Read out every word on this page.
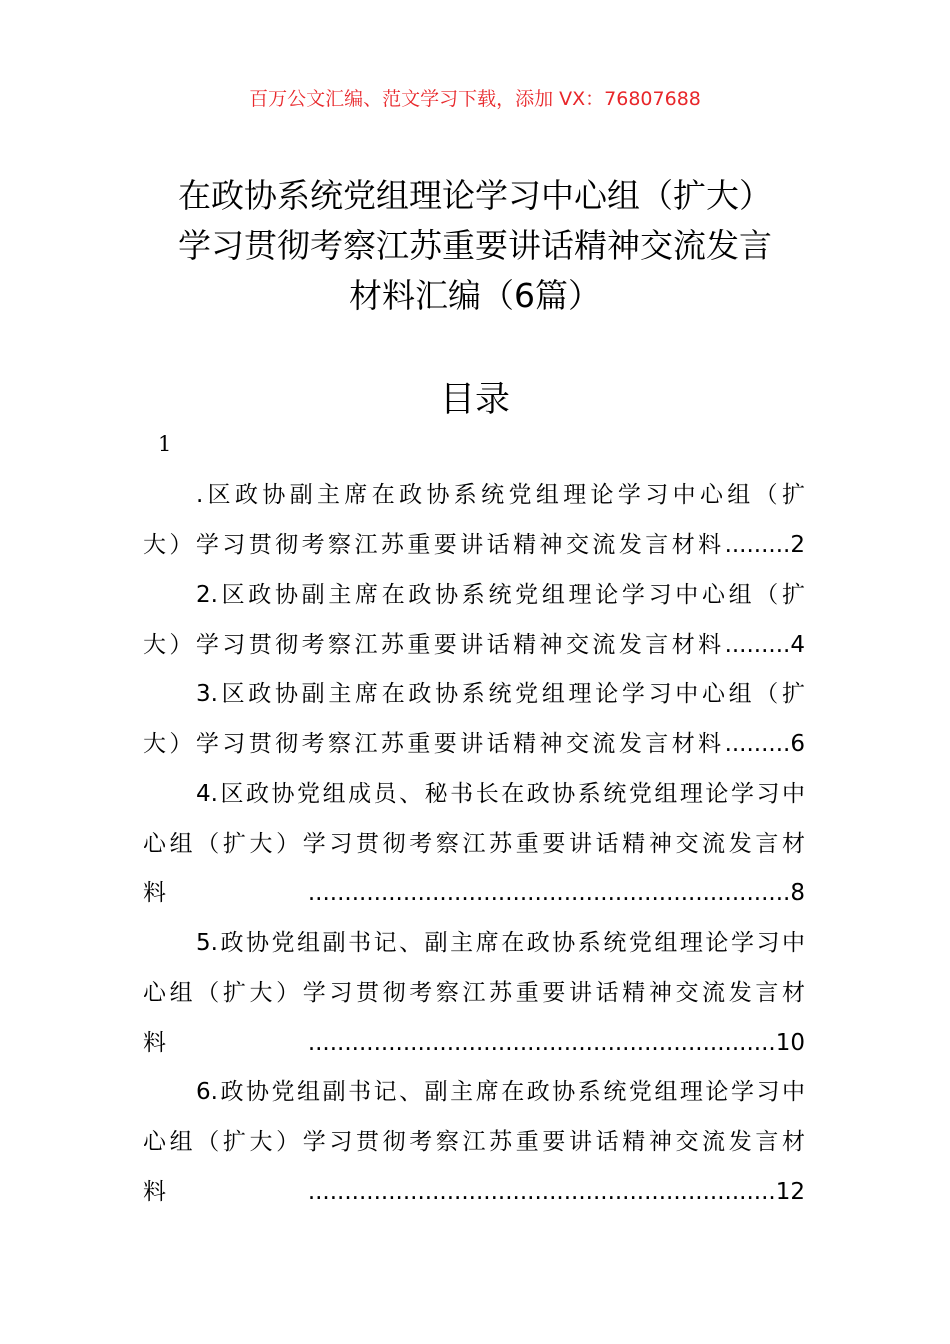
百万公文汇编、范文学习下载，添加 VX：76807688
在政协系统党组理论学习中心组（扩大）
学习贯彻考察江苏重要讲话精神交流发言
材料汇编（6篇）
目录
1
.区政协副主席在政协系统党组理论学习中心组（扩
大）学习贯彻考察江苏重要讲话精神交流发言材料.........2
2.区政协副主席在政协系统党组理论学习中心组（扩
大）学习贯彻考察江苏重要讲话精神交流发言材料.........4
3.区政协副主席在政协系统党组理论学习中心组（扩
大）学习贯彻考察江苏重要讲话精神交流发言材料.........6
4.区政协党组成员、秘书长在政协系统党组理论学习中
心组（扩大）学习贯彻考察江苏重要讲话精神交流发言材
料..................................................................8
5.政协党组副书记、副主席在政协系统党组理论学习中
心组（扩大）学习贯彻考察江苏重要讲话精神交流发言材
料................................................................10
6.政协党组副书记、副主席在政协系统党组理论学习中
心组（扩大）学习贯彻考察江苏重要讲话精神交流发言材
料................................................................12
